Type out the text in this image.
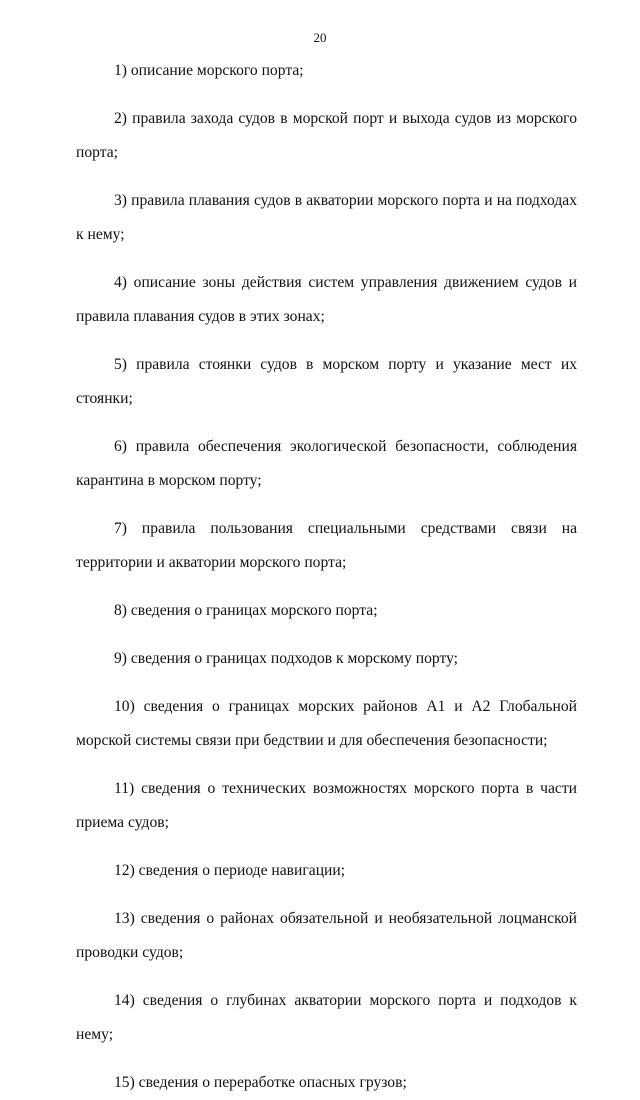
20

1) описание морского порта;

2) правила захода судов в морской порт и выхода судов из морского порта;

3) правила плавания судов в акватории морского порта и на подходах к нему;

4) описание зоны действия систем управления движением судов и правила плавания судов в этих зонах;

5) правила стоянки судов в морском порту и указание мест их стоянки;

6) правила обеспечения экологической безопасности, соблюдения карантина в морском порту;

7) правила пользования специальными средствами связи на территории и акватории морского порта;

8) сведения о границах морского порта;

9) сведения о границах подходов к морскому порту;

10) сведения о границах морских районов А1 и А2 Глобальной морской системы связи при бедствии и для обеспечения безопасности;

11) сведения о технических возможностях морского порта в части приема судов;

12) сведения о периоде навигации;

13) сведения о районах обязательной и необязательной лоцманской проводки судов;

14) сведения о глубинах акватории морского порта и подходов к нему;

15) сведения о переработке опасных грузов;
